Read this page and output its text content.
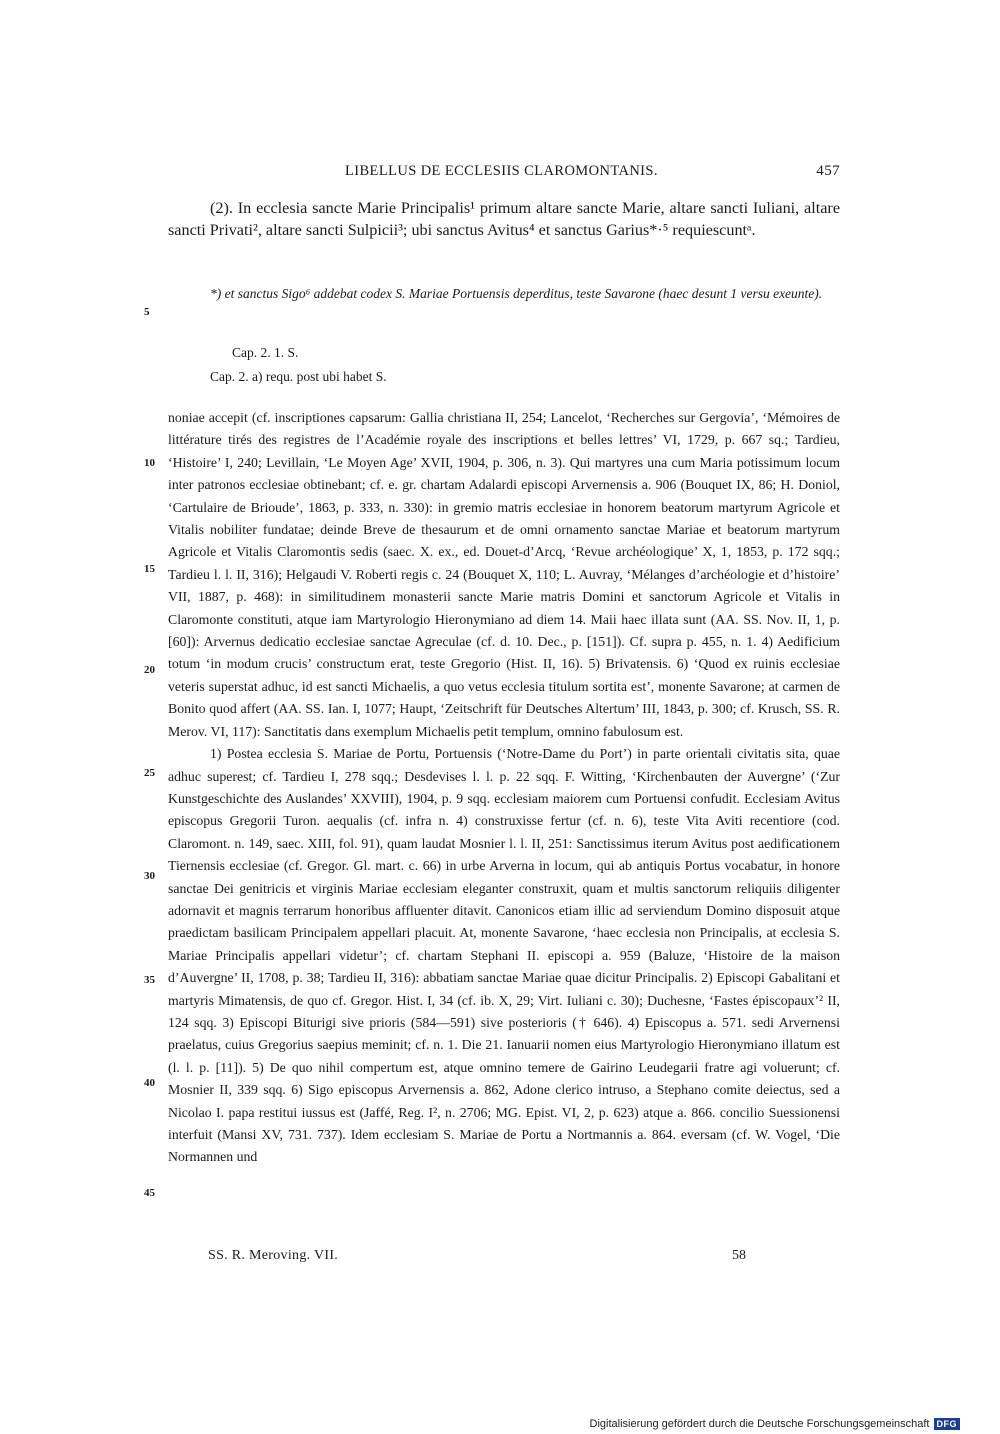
LIBELLUS DE ECCLESIIS CLAROMONTANIS.	457
(2). In ecclesia sancte Marie Principalis¹ primum altare sancte Marie, altare sancti Iuliani, altare sancti Privati², altare sancti Sulpicii³; ubi sanctus Avitus⁴ et sanctus Garius*·⁵ requiescuntᵃ.
*) et sanctus Sigo⁶ addebat codex S. Mariae Portuensis deperditus, teste Savarone (haec desunt 1 versu exeunte).
5
Cap. 2. 1. S.
Cap. 2. a) requ. post ubi habet S.

noniae accepit (cf. inscriptiones capsarum: Gallia christiana II, 254; Lancelot, ‘Recherches sur Gergovia’, ‘Mémoires de littérature tirés des registres de l’Académie royale des inscriptions et belles lettres’ VI, 1729, p. 667 sq.; Tardieu, ‘Histoire’ I, 240; Levillain, ‘Le Moyen Age’ XVII, 1904, p. 306, n. 3). Qui martyres una cum Maria potissimum locum inter patronos ecclesiae obtinebant; cf. e. gr. chartam Adalardi episcopi Arvernensis a. 906 (Bouquet IX, 86; H. Doniol, ‘Cartulaire de Brioude’, 1863, p. 333, n. 330): in gremio matris ecclesiae in honorem beatorum martyrum Agricole et Vitalis nobiliter fundatae; deinde Breve de thesaurum et de omni ornamento sanctae Mariae et beatorum martyrum Agricole et Vitalis Claromontis sedis (saec. X. ex., ed. Douet-d’Arcq, ‘Revue archéologique’ X, 1, 1853, p. 172 sqq.; Tardieu l. l. II, 316); Helgaudi V. Roberti regis c. 24 (Bouquet X, 110; L. Auvray, ‘Mélanges d’archéologie et d’histoire’ VII, 1887, p. 468): in similitudinem monasterii sancte Marie matris Domini et sanctorum Agricole et Vitalis in Claromonte constituti, atque iam Martyrologio Hieronymiano ad diem 14. Maii haec illata sunt (AA. SS. Nov. II, 1, p. [60]): Arvernus dedicatio ecclesiae sanctae Agreculae (cf. d. 10. Dec., p. [151]). Cf. supra p. 455, n. 1. 4) Aedificium totum ‘in modum crucis’ constructum erat, teste Gregorio (Hist. II, 16). 5) Brivatensis. 6) ‘Quod ex ruinis ecclesiae veteris superstat adhuc, id est sancti Michaelis, a quo vetus ecclesia titulum sortita est’, monente Savarone; at carmen de Bonito quod affert (AA. SS. Ian. I, 1077; Haupt, ‘Zeitschrift für Deutsches Altertum’ III, 1843, p. 300; cf. Krusch, SS. R. Merov. VI, 117): Sanctitatis dans exemplum Michaelis petit templum, omnino fabulosum est.

1) Postea ecclesia S. Mariae de Portu, Portuensis (‘Notre-Dame du Port’) in parte orientali civitatis sita, quae adhuc superest; cf. Tardieu I, 278 sqq.; Desdevises l. l. p. 22 sqq. F. Witting, ‘Kirchenbauten der Auvergne’ (‘Zur Kunstgeschichte des Auslandes’ XXVIII), 1904, p. 9 sqq. ecclesiam maiorem cum Portuensi confudit. Ecclesiam Avitus episcopus Gregorii Turon. aequalis (cf. infra n. 4) construxisse fertur (cf. n. 6), teste Vita Aviti recentiore (cod. Claromont. n. 149, saec. XIII, fol. 91), quam laudat Mosnier l. l. II, 251: Sanctissimus iterum Avitus post aedificationem Tiernensis ecclesiae (cf. Gregor. Gl. mart. c. 66) in urbe Arverna in locum, qui ab antiquis Portus vocabatur, in honore sanctae Dei genitricis et virginis Mariae ecclesiam eleganter construxit, quam et multis sanctorum reliquiis diligenter adornavit et magnis terrarum honoribus affluenter ditavit. Canonicos etiam illic ad serviendum Domino disposuit atque praedictam basilicam Principalem appellari placuit. At, monente Savarone, ‘haec ecclesia non Principalis, at ecclesia S. Mariae Principalis appellari videtur’; cf. chartam Stephani II. episcopi a. 959 (Baluze, ‘Histoire de la maison d’Auvergne’ II, 1708, p. 38; Tardieu II, 316): abbatiam sanctae Mariae quae dicitur Principalis. 2) Episcopi Gabalitani et martyris Mimatensis, de quo cf. Gregor. Hist. I, 34 (cf. ib. X, 29; Virt. Iuliani c. 30); Duchesne, ‘Fastes épiscopaux’² II, 124 sqq. 3) Episcopi Biturigi sive prioris (584—591) sive posterioris († 646). 4) Episcopus a. 571. sedi Arvernensi praelatus, cuius Gregorius saepius meminit; cf. n. 1. Die 21. Ianuarii nomen eius Martyrologio Hieronymiano illatum est (l. l. p. [11]). 5) De quo nihil compertum est, atque omnino temere de Gairino Leudegarii fratre agi voluerunt; cf. Mosnier II, 339 sqq. 6) Sigo episcopus Arvernensis a. 862, Adone clerico intruso, a Stephano comite deiectus, sed a Nicolao I. papa restitui iussus est (Jaffé, Reg. I², n. 2706; MG. Epist. VI, 2, p. 623) atque a. 866. concilio Suessionensi interfuit (Mansi XV, 731. 737). Idem ecclesiam S. Mariae de Portu a Nortmannis a. 864. eversam (cf. W. Vogel, ‘Die Normannen und

10
15
20
25
30
35
40
45
SS. R. Meroving. VII.	58
Digitalisierung gefördert durch die Deutsche Forschungsgemeinschaft DFG
